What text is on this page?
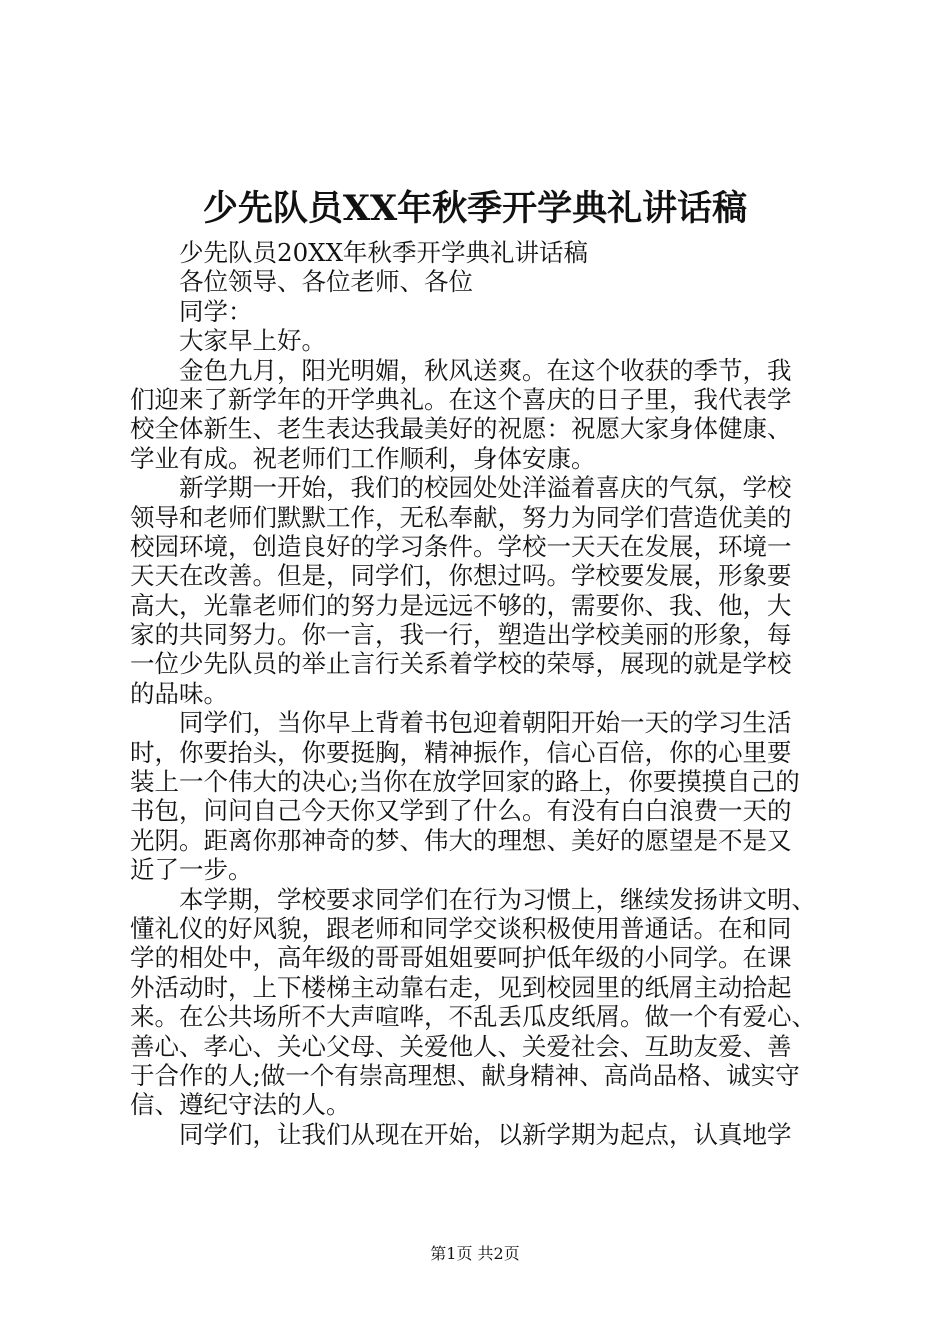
少先队员XX年秋季开学典礼讲话稿
少先队员20XX年秋季开学典礼讲话稿
各位领导、各位老师、各位
同学：
大家早上好。
金色九月，阳光明媚，秋风送爽。在这个收获的季节，我
们迎来了新学年的开学典礼。在这个喜庆的日子里，我代表学
校全体新生、老生表达我最美好的祝愿：祝愿大家身体健康、
学业有成。祝老师们工作顺利，身体安康。
新学期一开始，我们的校园处处洋溢着喜庆的气氛，学校
领导和老师们默默工作，无私奉献，努力为同学们营造优美的
校园环境，创造良好的学习条件。学校一天天在发展，环境一
天天在改善。但是，同学们，你想过吗。学校要发展，形象要
高大，光靠老师们的努力是远远不够的，需要你、我、他，大
家的共同努力。你一言，我一行，塑造出学校美丽的形象，每
一位少先队员的举止言行关系着学校的荣辱，展现的就是学校
的品味。
同学们，当你早上背着书包迎着朝阳开始一天的学习生活
时，你要抬头，你要挺胸，精神振作，信心百倍，你的心里要
装上一个伟大的决心;当你在放学回家的路上，你要摸摸自己的
书包，问问自己今天你又学到了什么。有没有白白浪费一天的
光阴。距离你那神奇的梦、伟大的理想、美好的愿望是不是又
近了一步。
本学期，学校要求同学们在行为习惯上，继续发扬讲文明、
懂礼仪的好风貌，跟老师和同学交谈积极使用普通话。在和同
学的相处中，高年级的哥哥姐姐要呵护低年级的小同学。在课
外活动时，上下楼梯主动靠右走，见到校园里的纸屑主动拾起
来。在公共场所不大声喧哗，不乱丢瓜皮纸屑。做一个有爱心、
善心、孝心、关心父母、关爱他人、关爱社会、互助友爱、善
于合作的人;做一个有崇高理想、献身精神、高尚品格、诚实守
信、遵纪守法的人。
同学们，让我们从现在开始，以新学期为起点，认真地学
第1页 共2页
